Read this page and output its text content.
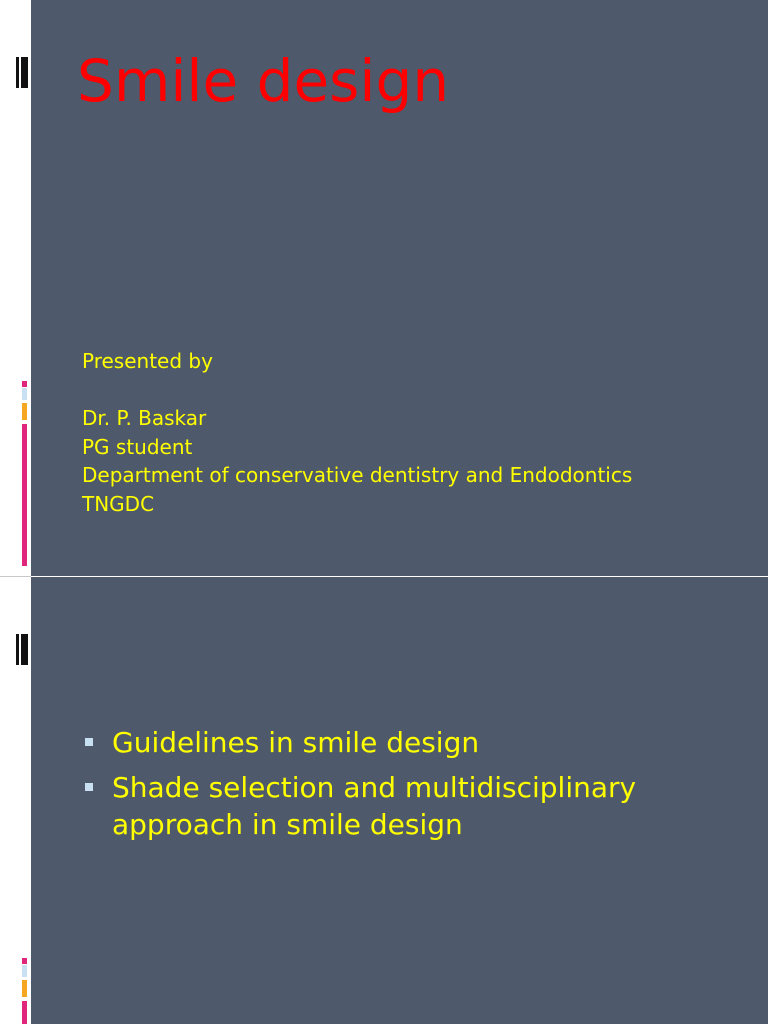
Smile design
Presented by
Dr. P. Baskar
PG student
Department of conservative dentistry and Endodontics
TNGDC
Guidelines in smile design
Shade selection and multidisciplinary approach in smile design
